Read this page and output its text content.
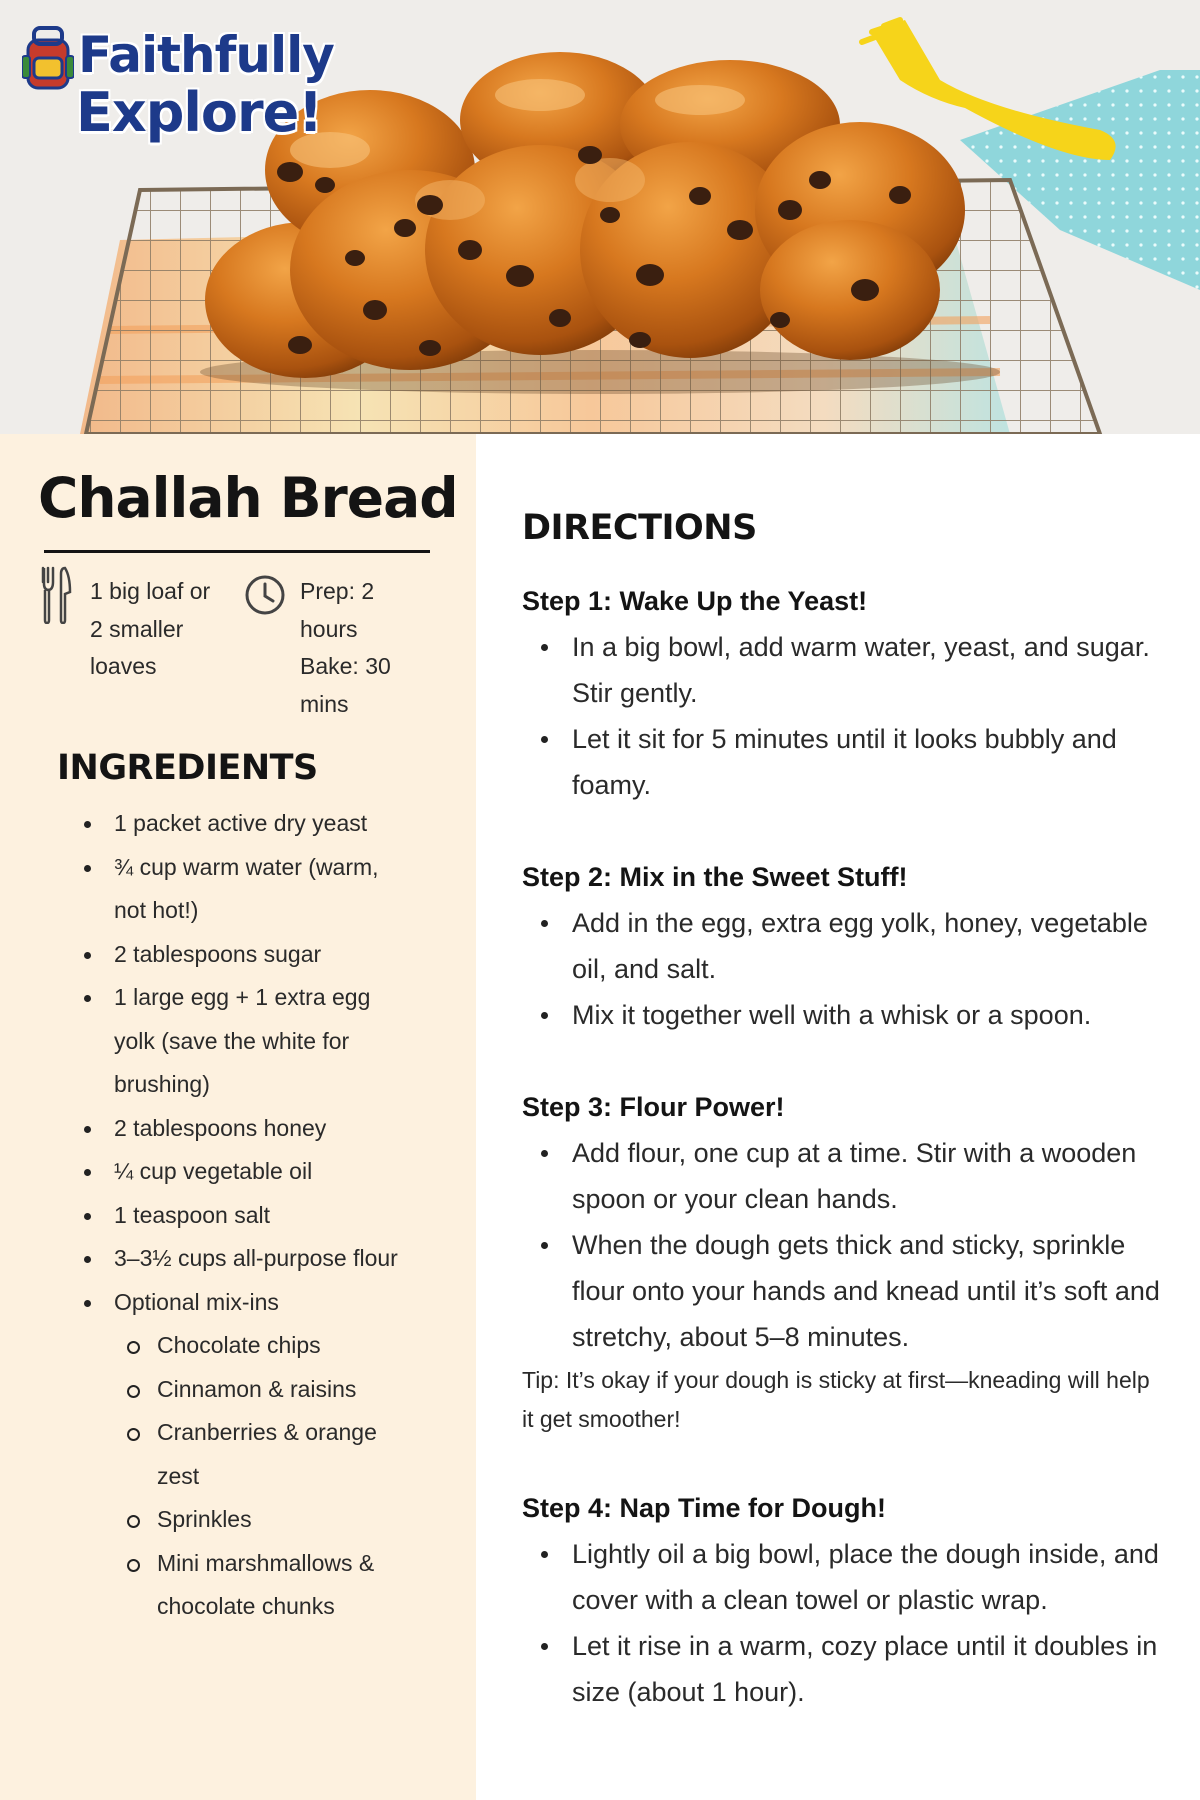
Faithfully
Explore!
Challah Bread
1 big loaf or
2 smaller
loaves
Prep: 2
hours
Bake: 30
mins
INGREDIENTS
1 packet active dry yeast
¾ cup warm water (warm, not hot!)
2 tablespoons sugar
1 large egg + 1 extra egg yolk (save the white for brushing)
2 tablespoons honey
¼ cup vegetable oil
1 teaspoon salt
3–3½ cups all-purpose flour
Optional mix-ins
Chocolate chips
Cinnamon & raisins
Cranberries & orange zest
Sprinkles
Mini marshmallows & chocolate chunks
DIRECTIONS
Step 1: Wake Up the Yeast!
In a big bowl, add warm water, yeast, and sugar. Stir gently.
Let it sit for 5 minutes until it looks bubbly and foamy.
Step 2: Mix in the Sweet Stuff!
Add in the egg, extra egg yolk, honey, vegetable oil, and salt.
Mix it together well with a whisk or a spoon.
Step 3: Flour Power!
Add flour, one cup at a time. Stir with a wooden spoon or your clean hands.
When the dough gets thick and sticky, sprinkle flour onto your hands and knead until it’s soft and stretchy, about 5–8 minutes.
Tip: It’s okay if your dough is sticky at first—kneading will help it get smoother!
Step 4: Nap Time for Dough!
Lightly oil a big bowl, place the dough inside, and cover with a clean towel or plastic wrap.
Let it rise in a warm, cozy place until it doubles in size (about 1 hour).
